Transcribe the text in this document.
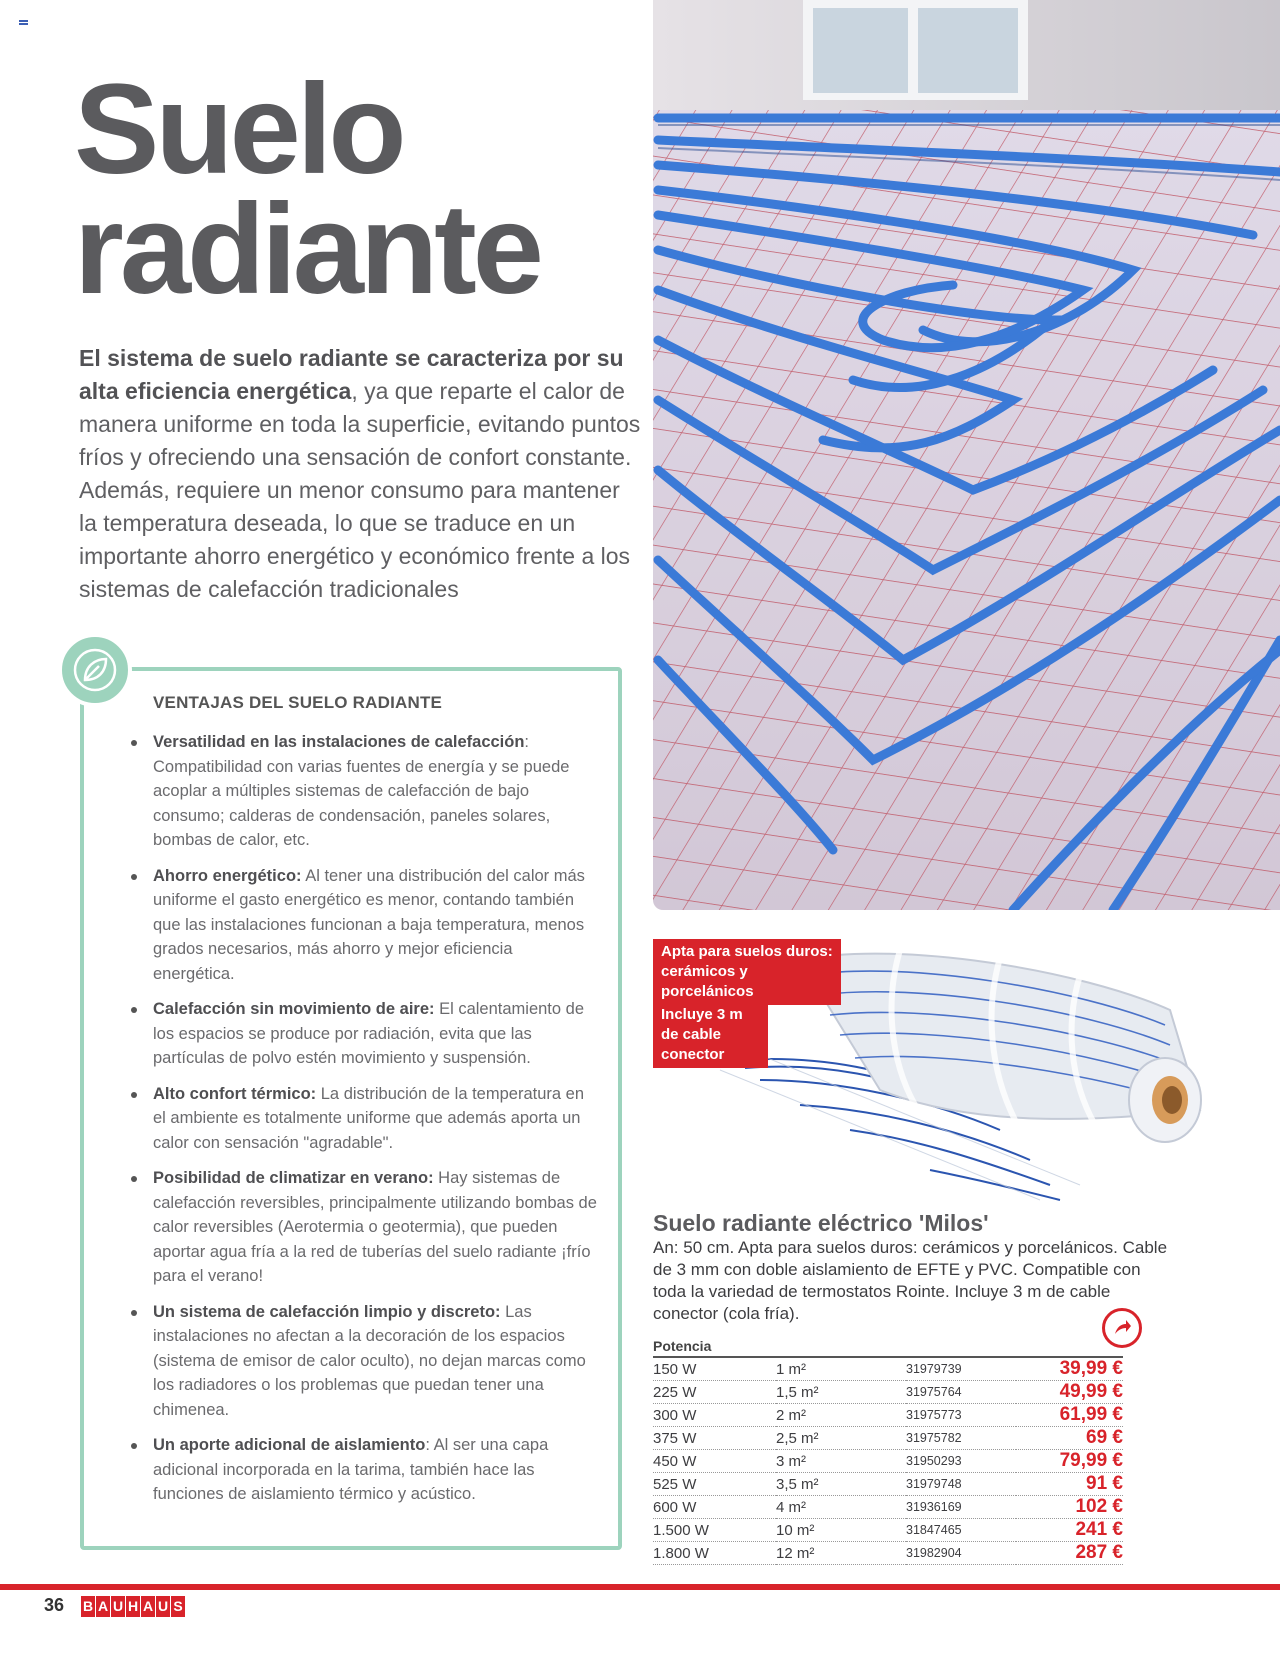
Suelo
radiante

El sistema de suelo radiante se caracteriza por su alta eficiencia energética, ya que reparte el calor de manera uniforme en toda la superficie, evitando puntos fríos y ofreciendo una sensación de confort constante. Además, requiere un menor consumo para mantener la temperatura deseada, lo que se traduce en un importante ahorro energético y económico frente a los sistemas de calefacción tradicionales

VENTAJAS DEL SUELO RADIANTE
Versatilidad en las instalaciones de calefacción: Compatibilidad con varias fuentes de energía y se puede acoplar a múltiples sistemas de calefacción de bajo consumo; calderas de condensación, paneles solares, bombas de calor, etc.
Ahorro energético: Al tener una distribución del calor más uniforme el gasto energético es menor, contando también que las instalaciones funcionan a baja temperatura, menos grados necesarios, más ahorro y mejor eficiencia energética.
Calefacción sin movimiento de aire: El calentamiento de los espacios se produce por radiación, evita que las partículas de polvo estén movimiento y suspensión.
Alto confort térmico: La distribución de la temperatura en el ambiente es totalmente uniforme que además aporta un calor con sensación "agradable".
Posibilidad de climatizar en verano: Hay sistemas de calefacción reversibles, principalmente utilizando bombas de calor reversibles (Aerotermia o geotermia), que pueden aportar agua fría a la red de tuberías del suelo radiante ¡frío para el verano!
Un sistema de calefacción limpio y discreto: Las instalaciones no afectan a la decoración de los espacios (sistema de emisor de calor oculto), no dejan marcas como los radiadores o los problemas que puedan tener una chimenea.
Un aporte adicional de aislamiento: Al ser una capa adicional incorporada en la tarima, también hace las funciones de aislamiento térmico y acústico.
Apta para suelos duros: cerámicos y porcelánicos
Incluye 3 m de cable conector
Suelo radiante eléctrico 'Milos'

An: 50 cm. Apta para suelos duros: cerámicos y porcelánicos. Cable de 3 mm con doble aislamiento de EFTE y PVC. Compatible con toda la variedad de termostatos Rointe. Incluye 3 m de cable conector (cola fría).

Potencia			
150 W	1 m²	31979739	39,99 €
225 W	1,5 m²	31975764	49,99 €
300 W	2 m²	31975773	61,99 €
375 W	2,5 m²	31975782	69 €
450 W	3 m²	31950293	79,99 €
525 W	3,5 m²	31979748	91 €
600 W	4 m²	31936169	102 €
1.500 W	10 m²	31847465	241 €
1.800 W	12 m²	31982904	287 €
36 B A U H A U S
